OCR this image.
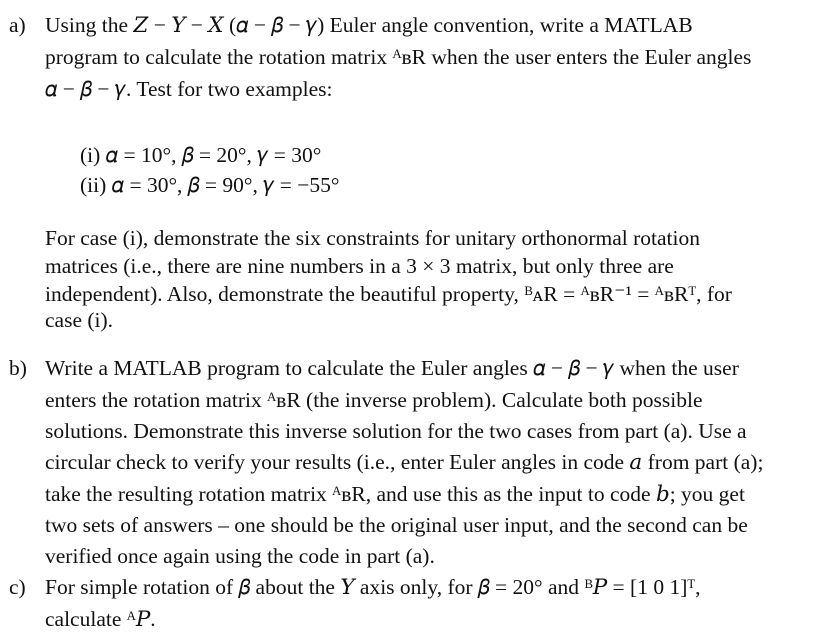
a) Using the 𝑍 − 𝑌 − 𝑋 (𝛼 − 𝛽 − 𝛾) Euler angle convention, write a MATLAB
program to calculate the rotation matrix ᴬʙR when the user enters the Euler angles
𝛼 − 𝛽 − 𝛾. Test for two examples:
(i) 𝛼 = 10°, 𝛽 = 20°, 𝛾 = 30°
(ii) 𝛼 = 30°, 𝛽 = 90°, 𝛾 = −55°
For case (i), demonstrate the six constraints for unitary orthonormal rotation
matrices (i.e., there are nine numbers in a 3 × 3 matrix, but only three are
independent). Also, demonstrate the beautiful property, ᴮᴀR = ᴬʙR⁻¹ = ᴬʙRᵀ, for
case (i).
b) Write a MATLAB program to calculate the Euler angles 𝛼 − 𝛽 − 𝛾 when the user
enters the rotation matrix ᴬʙR (the inverse problem). Calculate both possible
solutions. Demonstrate this inverse solution for the two cases from part (a). Use a
circular check to verify your results (i.e., enter Euler angles in code 𝑎 from part (a);
take the resulting rotation matrix ᴬʙR, and use this as the input to code 𝑏; you get
two sets of answers – one should be the original user input, and the second can be
verified once again using the code in part (a).
c) For simple rotation of 𝛽 about the 𝑌 axis only, for 𝛽 = 20° and ᴮ𝑃 = [1 0 1]ᵀ,
calculate ᴬ𝑃.
